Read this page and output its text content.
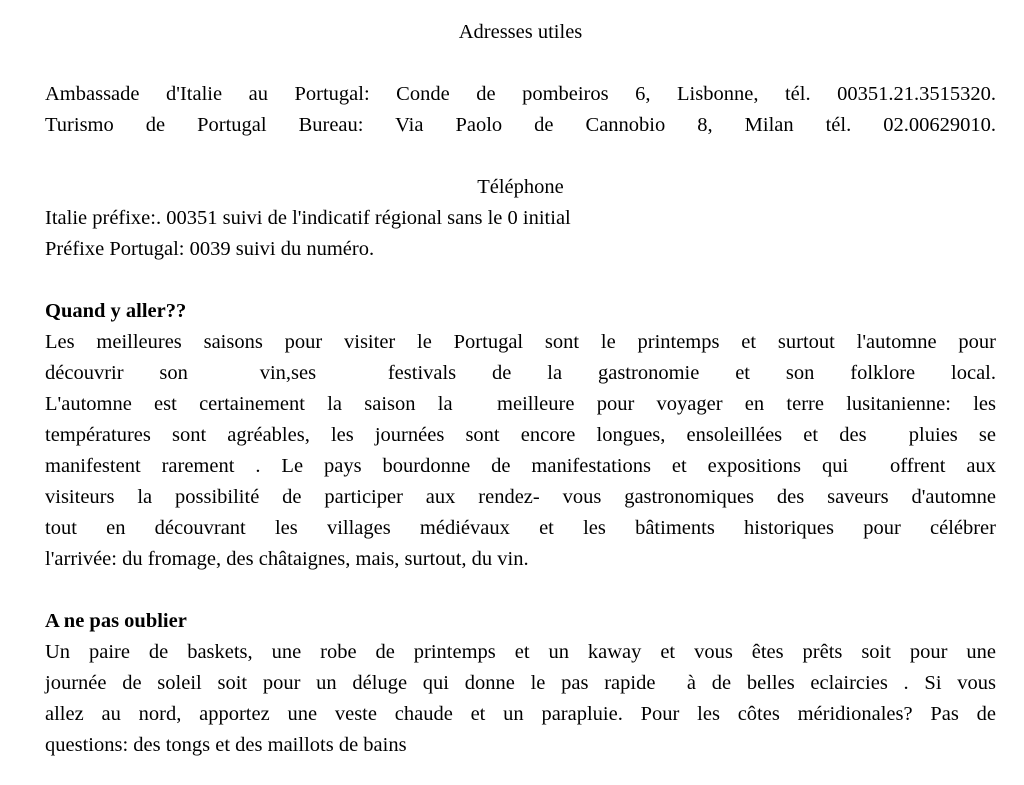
Adresses utiles
Ambassade d'Italie au Portugal: Conde de pombeiros 6, Lisbonne, tél. 00351.21.3515320.
Turismo de Portugal Bureau: Via Paolo de Cannobio 8, Milan tél. 02.00629010.
Téléphone
Italie préfixe:. 00351 suivi de l'indicatif régional sans le 0 initial
Préfixe Portugal: 0039 suivi du numéro.
Quand y aller??
Les meilleures saisons pour visiter le Portugal sont le printemps et surtout l'automne pour
découvrir son  vin,ses  festivals de la gastronomie et son folklore local.
L'automne est certainement la saison la  meilleure pour voyager en terre lusitanienne: les
températures sont agréables, les journées sont encore longues, ensoleillées et des  pluies se
manifestent rarement . Le pays bourdonne de manifestations et expositions qui  offrent aux
visiteurs la possibilité de participer aux rendez- vous gastronomiques des saveurs d'automne
tout en découvrant les villages médiévaux et les bâtiments historiques pour célébrer
l'arrivée: du fromage, des châtaignes, mais, surtout, du vin.
A ne pas oublier
Un paire de baskets, une robe de printemps et un kaway et vous êtes prêts soit pour une
journée de soleil soit pour un déluge qui donne le pas rapide  à de belles eclaircies . Si vous
allez au nord, apportez une veste chaude et un parapluie. Pour les côtes méridionales? Pas de
questions: des tongs et des maillots de bains
